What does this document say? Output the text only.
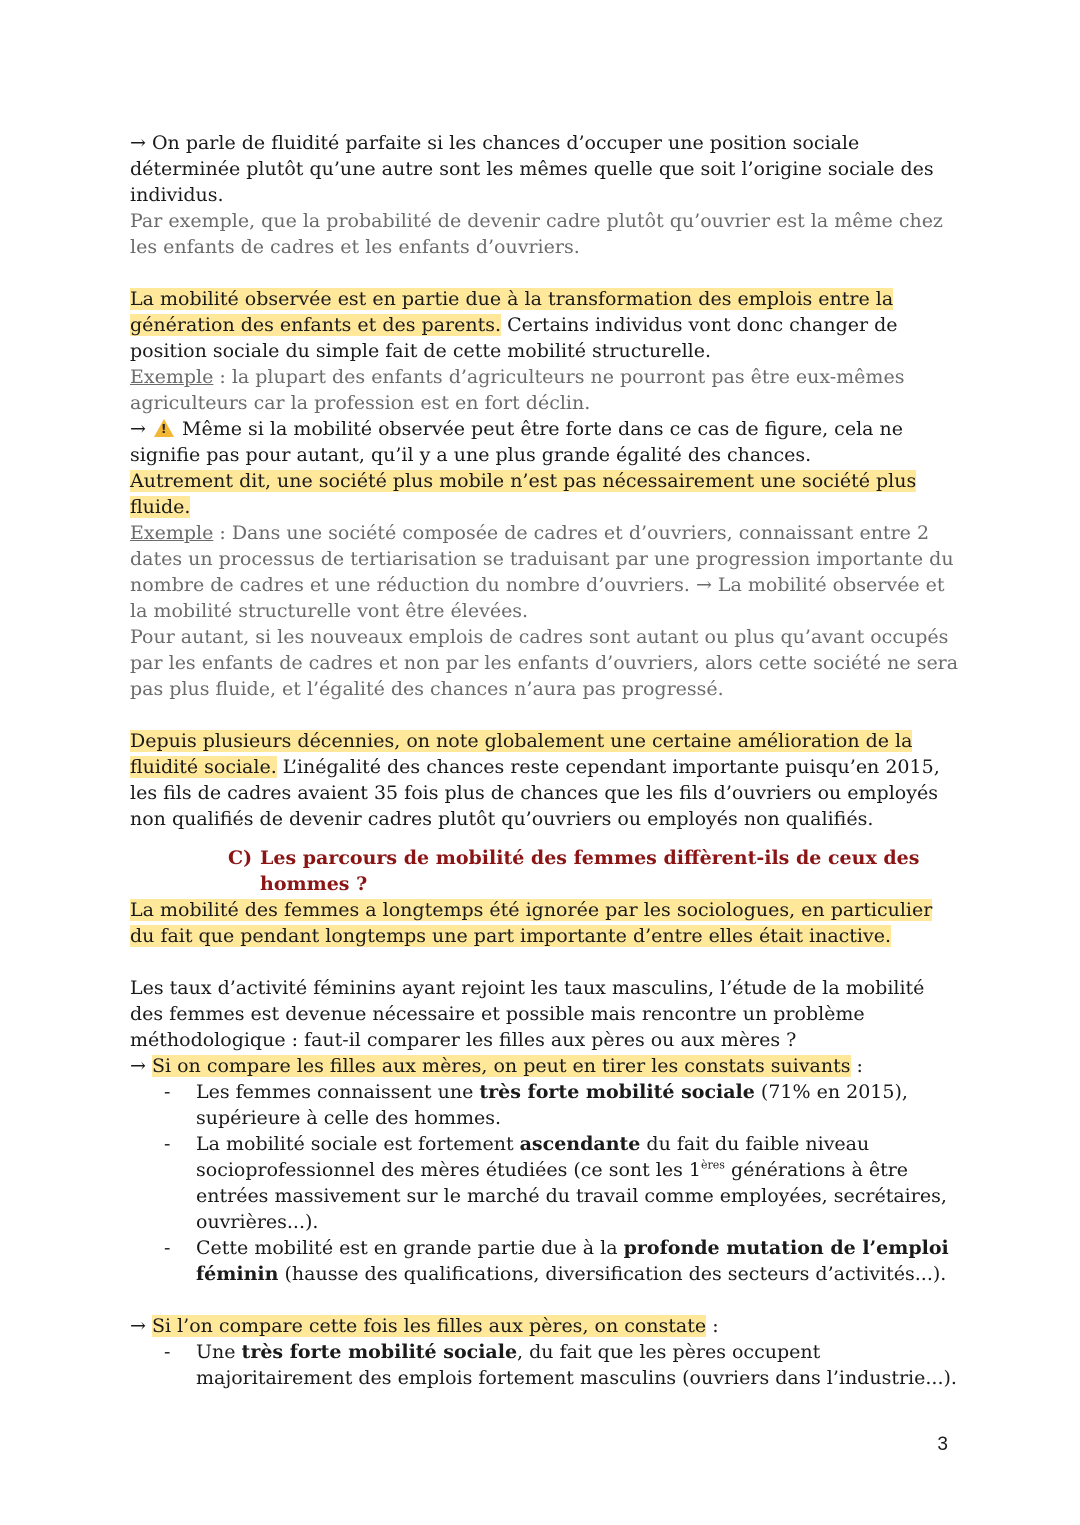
→ On parle de fluidité parfaite si les chances d’occuper une position sociale déterminée plutôt qu’une autre sont les mêmes quelle que soit l’origine sociale des individus.

Par exemple, que la probabilité de devenir cadre plutôt qu’ouvrier est la même chez les enfants de cadres et les enfants d’ouvriers.

La mobilité observée est en partie due à la transformation des emplois entre la génération des enfants et des parents. Certains individus vont donc changer de position sociale du simple fait de cette mobilité structurelle.

Exemple : la plupart des enfants d’agriculteurs ne pourront pas être eux-mêmes agriculteurs car la profession est en fort déclin.

→ ! Même si la mobilité observée peut être forte dans ce cas de figure, cela ne signifie pas pour autant, qu’il y a une plus grande égalité des chances.

Autrement dit, une société plus mobile n’est pas nécessairement une société plus fluide.

Exemple : Dans une société composée de cadres et d’ouvriers, connaissant entre 2 dates un processus de tertiarisation se traduisant par une progression importante du nombre de cadres et une réduction du nombre d’ouvriers. → La mobilité observée et la mobilité structurelle vont être élevées.

Pour autant, si les nouveaux emplois de cadres sont autant ou plus qu’avant occupés par les enfants de cadres et non par les enfants d’ouvriers, alors cette société ne sera pas plus fluide, et l’égalité des chances n’aura pas progressé.

Depuis plusieurs décennies, on note globalement une certaine amélioration de la fluidité sociale. L’inégalité des chances reste cependant importante puisqu’en 2015, les fils de cadres avaient 35 fois plus de chances que les fils d’ouvriers ou employés non qualifiés de devenir cadres plutôt qu’ouvriers ou employés non qualifiés.

C) Les parcours de mobilité des femmes diffèrent-ils de ceux des hommes ?

La mobilité des femmes a longtemps été ignorée par les sociologues, en particulier du fait que pendant longtemps une part importante d’entre elles était inactive.

Les taux d’activité féminins ayant rejoint les taux masculins, l’étude de la mobilité des femmes est devenue nécessaire et possible mais rencontre un problème méthodologique : faut-il comparer les filles aux pères ou aux mères ?

→ Si on compare les filles aux mères, on peut en tirer les constats suivants :

- Les femmes connaissent une très forte mobilité sociale (71% en 2015), supérieure à celle des hommes.
- La mobilité sociale est fortement ascendante du fait du faible niveau socioprofessionnel des mères étudiées (ce sont les 1ères générations à être entrées massivement sur le marché du travail comme employées, secrétaires, ouvrières...).
- Cette mobilité est en grande partie due à la profonde mutation de l’emploi féminin (hausse des qualifications, diversification des secteurs d’activités...).

→ Si l’on compare cette fois les filles aux pères, on constate :

- Une très forte mobilité sociale, du fait que les pères occupent majoritairement des emplois fortement masculins (ouvriers dans l’industrie...).
3
